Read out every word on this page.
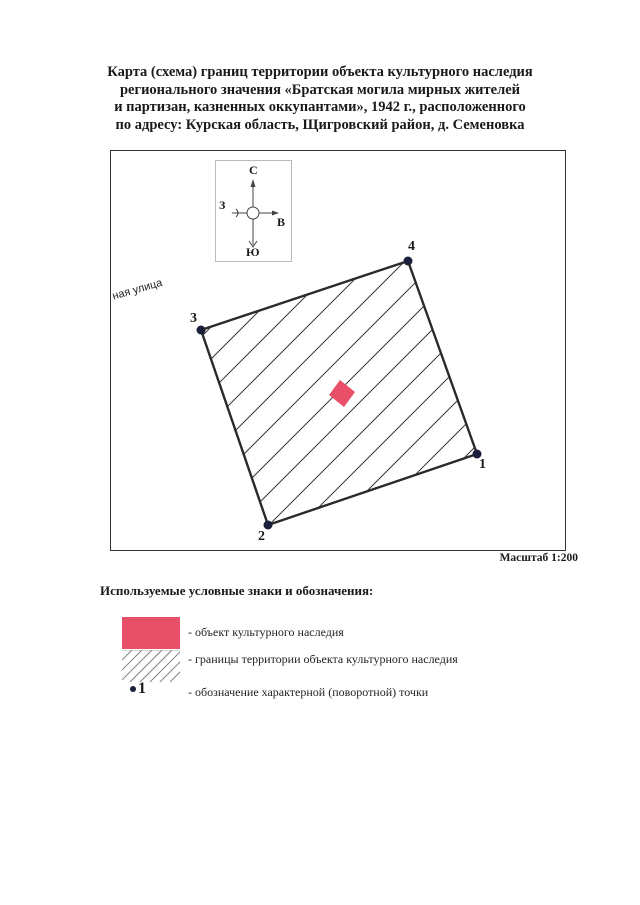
Карта (схема) границ территории объекта культурного наследия
регионального значения «Братская могила мирных жителей
и партизан, казненных оккупантами», 1942 г., расположенного
по адресу: Курская область, Щигровский район, д. Семеновка
ная улица
С
З
В
Ю
1
2
3
4
Масштаб 1:200
Используемые условные знаки и обозначения:
- объект культурного наследия
- границы территории объекта культурного наследия
1	- обозначение характерной (поворотной) точки
